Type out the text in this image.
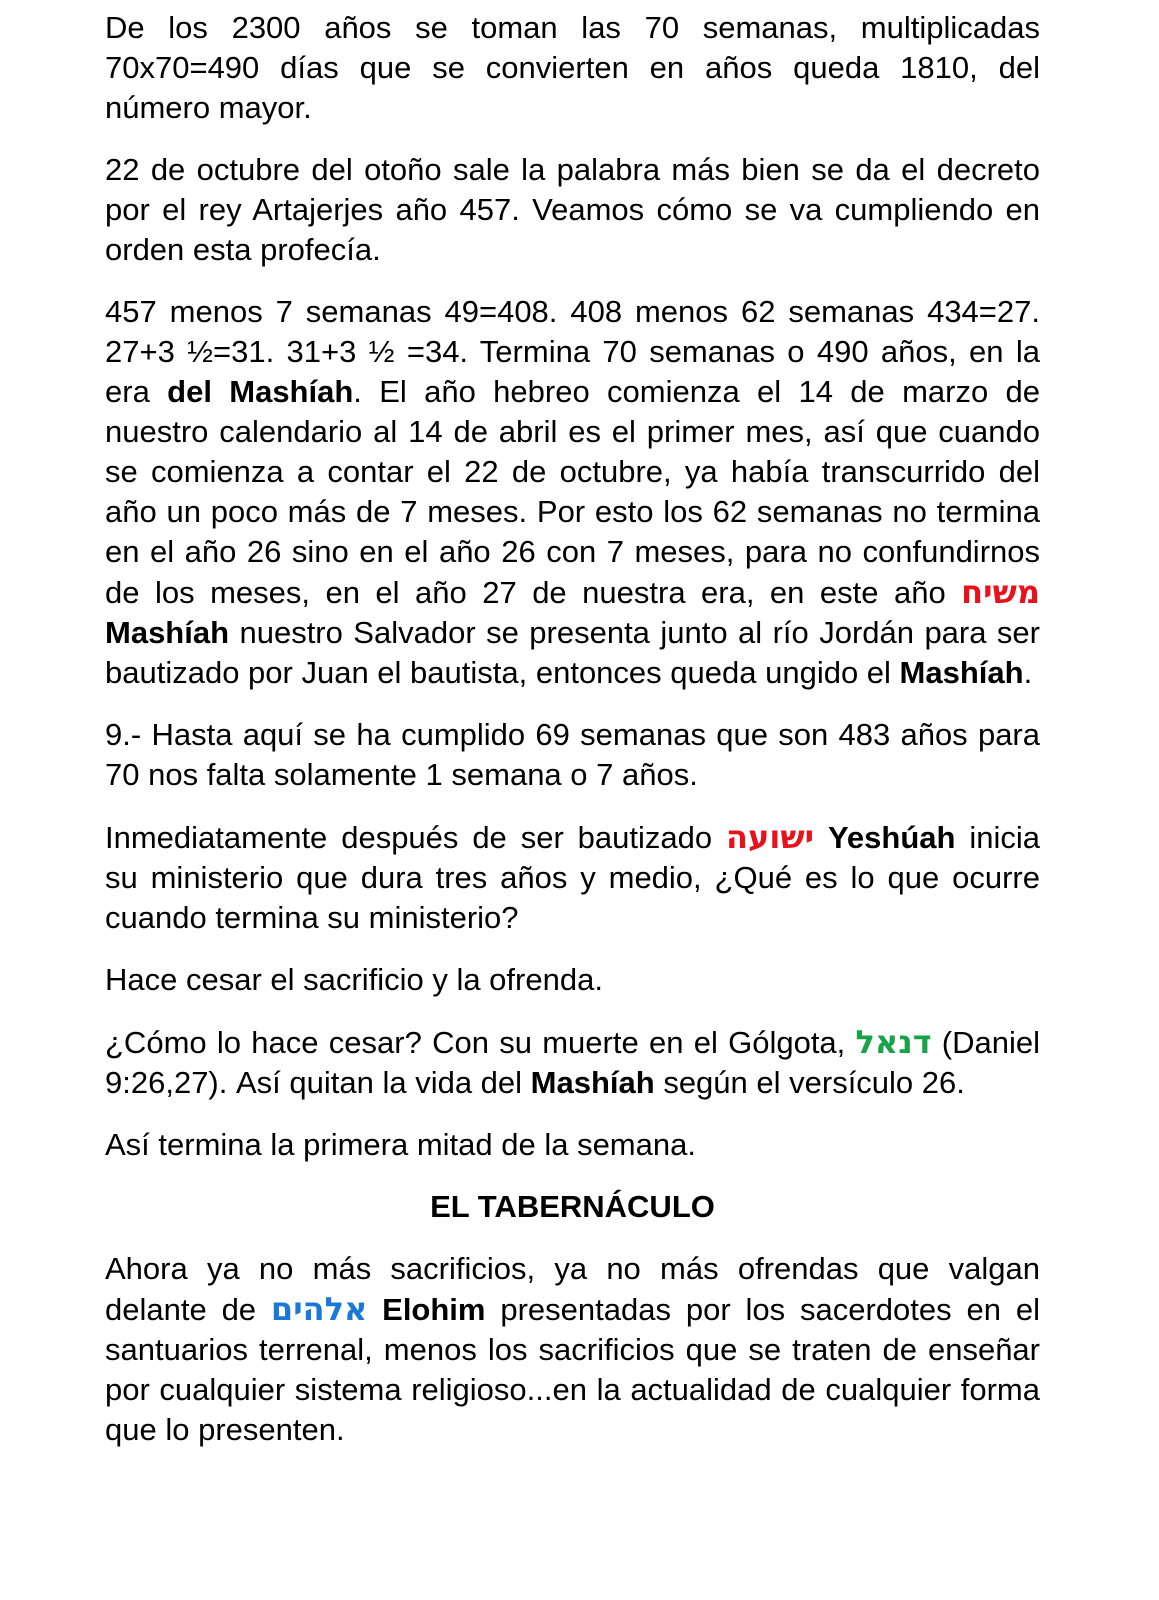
De los 2300 años se toman las 70 semanas, multiplicadas 70x70=490 días que se convierten en años queda 1810, del número mayor.

22 de octubre del otoño sale la palabra más bien se da el decreto por el rey Artajerjes año 457. Veamos cómo se va cumpliendo en orden esta profecía.

457 menos 7 semanas 49=408. 408 menos 62 semanas 434=27. 27+3 ½=31. 31+3 ½ =34. Termina 70 semanas o 490 años, en la era del Mashíah. El año hebreo comienza el 14 de marzo de nuestro calendario al 14 de abril es el primer mes, así que cuando se comienza a contar el 22 de octubre, ya había transcurrido del año un poco más de 7 meses. Por esto los 62 semanas no termina en el año 26 sino en el año 26 con 7 meses, para no confundirnos de los meses, en el año 27 de nuestra era, en este año משיח Mashíah nuestro Salvador se presenta junto al río Jordán para ser bautizado por Juan el bautista, entonces queda ungido el Mashíah.

9.- Hasta aquí se ha cumplido 69 semanas que son 483 años para 70 nos falta solamente 1 semana o 7 años.

Inmediatamente después de ser bautizado ישועה Yeshúah inicia su ministerio que dura tres años y medio, ¿Qué es lo que ocurre cuando termina su ministerio?

Hace cesar el sacrificio y la ofrenda.

¿Cómo lo hace cesar? Con su muerte en el Gólgota, דנאל (Daniel 9:26,27). Así quitan la vida del Mashíah según el versículo 26.

Así termina la primera mitad de la semana.

EL TABERNÁCULO

Ahora ya no más sacrificios, ya no más ofrendas que valgan delante de אלהים Elohim presentadas por los sacerdotes en el santuarios terrenal, menos los sacrificios que se traten de enseñar por cualquier sistema religioso...en la actualidad de cualquier forma que lo presenten.
